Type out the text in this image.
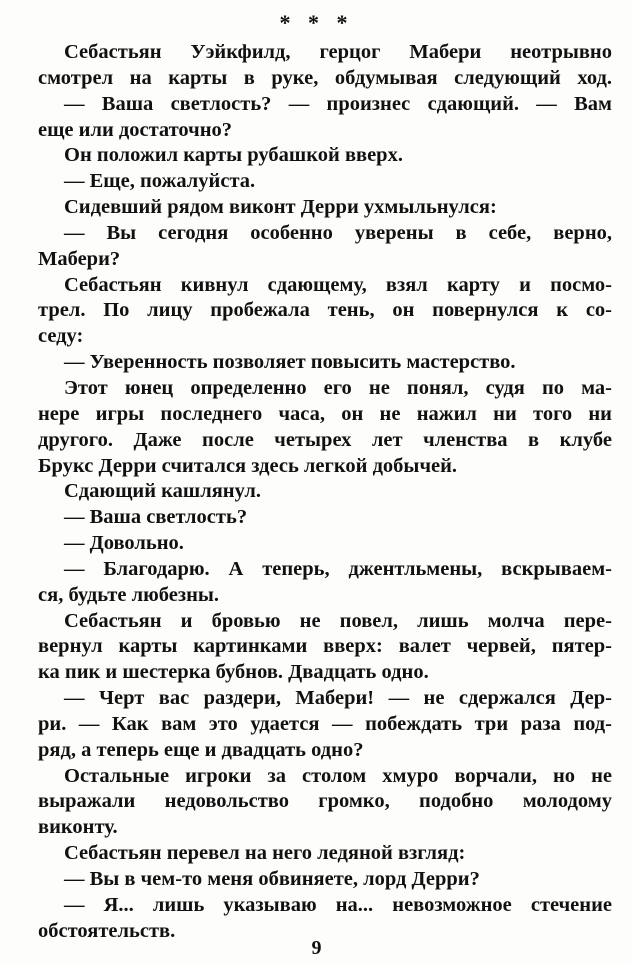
* * *
Себастьян Уэйкфилд, герцог Мабери неотрывно
смотрел на карты в руке, обдумывая следующий ход.
— Ваша светлость? — произнес сдающий. — Вам
еще или достаточно?
Он положил карты рубашкой вверх.
— Еще, пожалуйста.
Сидевший рядом виконт Дерри ухмыльнулся:
— Вы сегодня особенно уверены в себе, верно,
Мабери?
Себастьян кивнул сдающему, взял карту и посмо-
трел. По лицу пробежала тень, он повернулся к со-
седу:
— Уверенность позволяет повысить мастерство.
Этот юнец определенно его не понял, судя по ма-
нере игры последнего часа, он не нажил ни того ни
другого. Даже после четырех лет членства в клубе
Брукс Дерри считался здесь легкой добычей.
Сдающий кашлянул.
— Ваша светлость?
— Довольно.
— Благодарю. А теперь, джентльмены, вскрываем-
ся, будьте любезны.
Себастьян и бровью не повел, лишь молча пере-
вернул карты картинками вверх: валет червей, пятер-
ка пик и шестерка бубнов. Двадцать одно.
— Черт вас раздери, Мабери! — не сдержался Дер-
ри. — Как вам это удается — побеждать три раза под-
ряд, а теперь еще и двадцать одно?
Остальные игроки за столом хмуро ворчали, но не
выражали недовольство громко, подобно молодому
виконту.
Себастьян перевел на него ледяной взгляд:
— Вы в чем-то меня обвиняете, лорд Дерри?
— Я... лишь указываю на... невозможное стечение
обстоятельств.
9
